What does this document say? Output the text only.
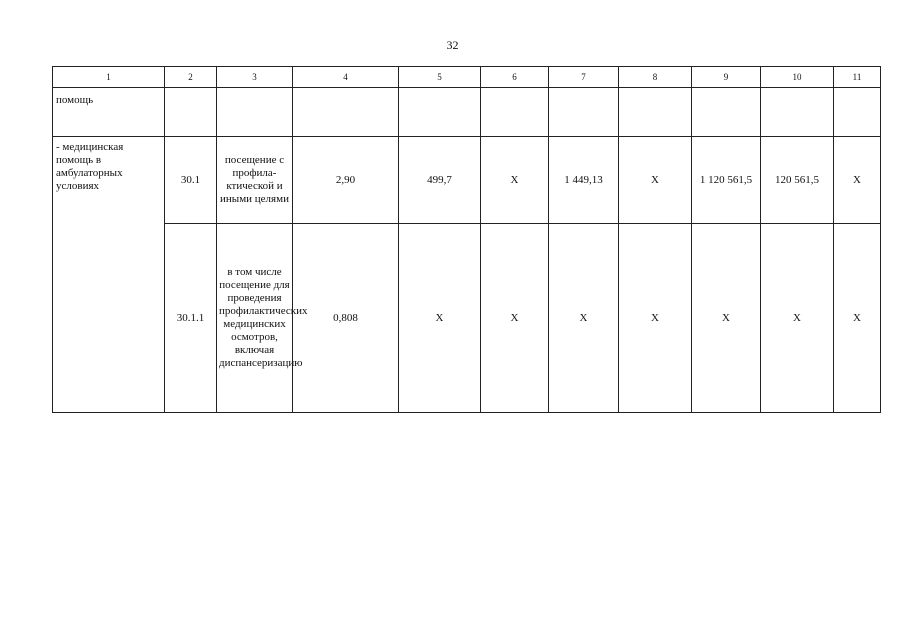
32
1	2	3	4	5	6	7	8	9	10	11
помощь										
- медицинская помощь в амбулаторных условиях	30.1	посещение с профила-ктической и иными целями	2,90	499,7	X	1 449,13	X	1 120 561,5	120 561,5	X
	30.1.1	в том числе посещение для проведения профилактических медицинских осмотров, включая диспансеризацию	0,808	X	X	X	X	X	X	X
